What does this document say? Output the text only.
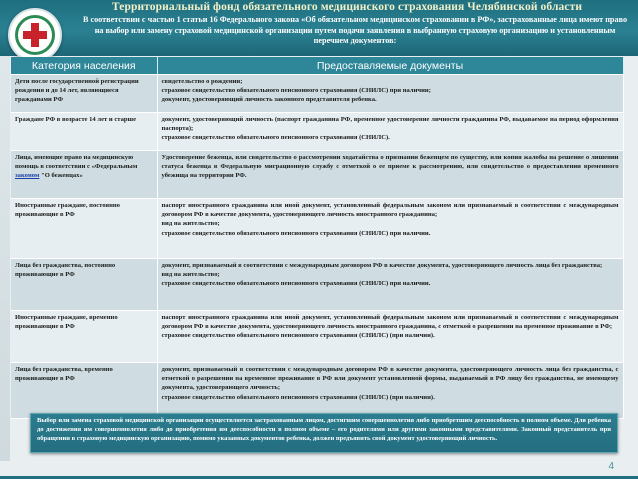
Территориальный фонд обязательного медицинского страхования Челябинской области
В соответствии с частью 1 статьи 16 Федерального закона «Об обязательном медицинском страховании в РФ», застрахованные лица имеют право на выбор или замену страховой медицинской организации путем подачи заявления в выбранную страховую организацию и установленным перечнем документов:
Категория населения	Предоставляемые документы
Дети после государственной регистрации рождения и до 14 лет, являющиеся гражданами РФ	свидетельство о рождении;
страховое свидетельство обязательного пенсионного страхования (СНИЛС) при наличии;
документ, удостоверяющий личность законного представителя ребенка.

Граждане РФ в возрасте 14 лет и старше	документ, удостоверяющий личность (паспорт гражданина РФ, временное удостоверение личности гражданина РФ, выдаваемое на период оформления паспорта);
страховое свидетельство обязательного пенсионного страхования (СНИЛС).

Лица, имеющие право на медицинскую помощь в соответствии с «Федеральным законом "О беженцах»	Удостоверение беженца, или свидетельство о рассмотрении ходатайства о признании беженцем по существу, или копия жалобы на решение о лишении статуса беженца в Федеральную миграционную службу с отметкой о ее приеме к рассмотрению, или свидетельство о предоставлении временного убежища на территории РФ.

Иностранные граждане, постоянно проживающие в РФ	паспорт иностранного гражданина или иной документ, установленный федеральным законом или признаваемый в соответствии с международным договором РФ в качестве документа, удостоверяющего личность иностранного гражданина;
вид на жительство;
страховое свидетельство обязательного пенсионного страхования (СНИЛС) при наличии.

Лица без гражданства, постоянно проживающие в РФ	документ, признаваемый в соответствии с международным договором РФ в качестве документа, удостоверяющего личность лица без гражданства;
вид на жительство;
страховое свидетельство обязательного пенсионного страхования (СНИЛС) при наличии.

Иностранные граждане, временно проживающие в РФ	паспорт иностранного гражданина или иной документ, установленный федеральным законом или признаваемый в соответствии с международным договором РФ в качестве документа, удостоверяющего личность иностранного гражданина, с отметкой о разрешении на временное проживание в РФ;
страховое свидетельство обязательного пенсионного страхования (СНИЛС) (при наличии).

Лица без гражданства, временно проживающие в РФ	документ, признаваемый в соответствии с международным договором РФ в качестве документа, удостоверяющего личность лица без гражданства, с отметкой о разрешении на временное проживание в РФ или документ установленной формы, выдаваемый в РФ лицу без гражданства, не имеющему документа, удостоверяющего личность;
страховое свидетельство обязательного пенсионного страхования (СНИЛС) (при наличии).
Выбор или замена страховой медицинской организации осуществляется застрахованным лицом, достигшим совершеннолетия либо приобретшим дееспособность в полном объеме. Для ребенка до достижения им совершеннолетия либо до приобретения им дееспособности в полном объеме – его родителями или другими законными представителями. Законный представитель при обращении в страховую медицинскую организацию, помимо указанных документов ребенка, должен предъявить свой документ удостоверяющий личность.
4
